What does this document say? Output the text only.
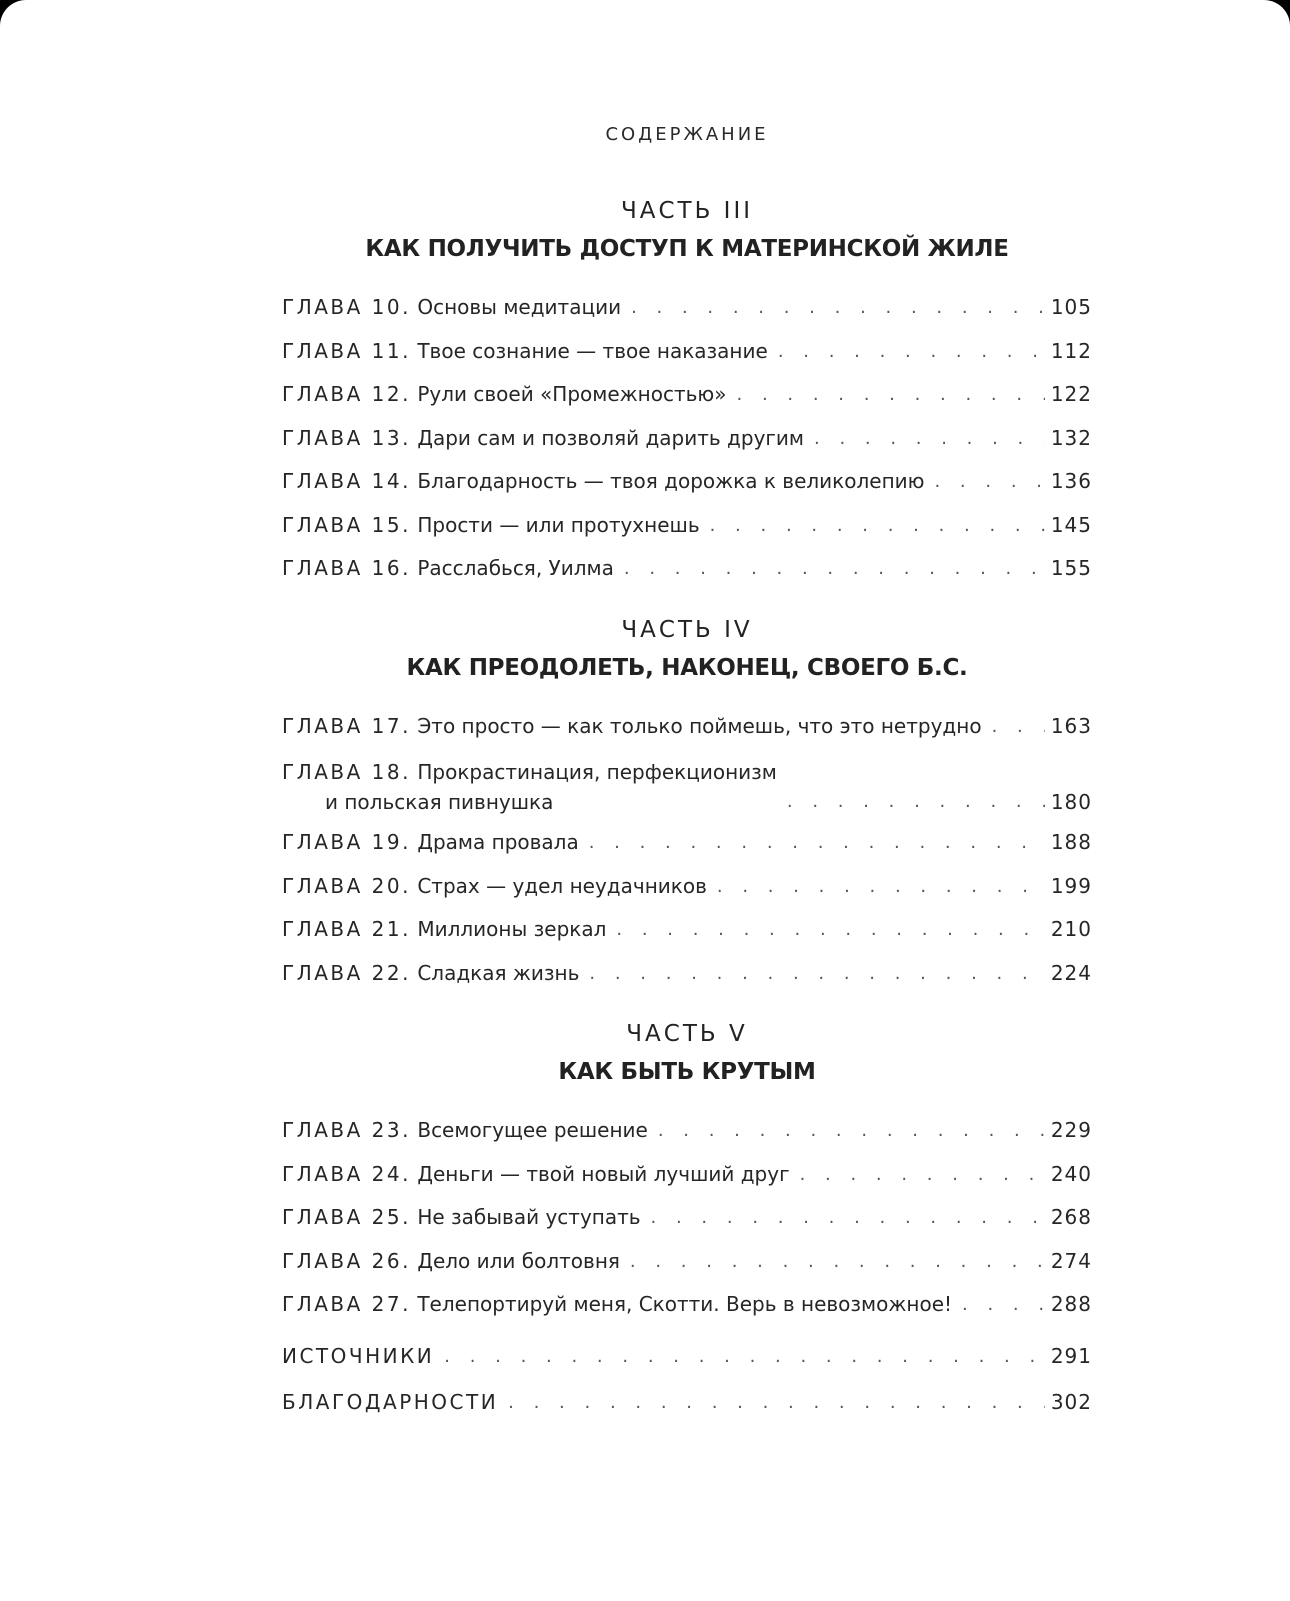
СОДЕРЖАНИЕ
ЧАСТЬ III
КАК ПОЛУЧИТЬ ДОСТУП К МАТЕРИНСКОЙ ЖИЛЕ
ГЛАВА 10. Основы медитации . . .	105
ГЛАВА 11. Твое сознание — твое наказание . . .	112
ГЛАВА 12. Рули своей «Промежностью» . . .	122
ГЛАВА 13. Дари сам и позволяй дарить другим . . .	132
ГЛАВА 14. Благодарность — твоя дорожка к великолепию . . .	136
ГЛАВА 15. Прости — или протухнешь . . .	145
ГЛАВА 16. Расслабься, Уилма . . .	155
ЧАСТЬ IV
КАК ПРЕОДОЛЕТЬ, НАКОНЕЦ, СВОЕГО Б.С.
ГЛАВА 17. Это просто — как только поймешь, что это нетрудно . . .	163
ГЛАВА 18. Прокрастинация, перфекционизм
и польская пивнушка . . .	180
ГЛАВА 19. Драма провала . . .	188
ГЛАВА 20. Страх — удел неудачников . . .	199
ГЛАВА 21. Миллионы зеркал . . .	210
ГЛАВА 22. Сладкая жизнь . . .	224
ЧАСТЬ V
КАК БЫТЬ КРУТЫМ
ГЛАВА 23. Всемогущее решение . . .	229
ГЛАВА 24. Деньги — твой новый лучший друг . . .	240
ГЛАВА 25. Не забывай уступать . . .	268
ГЛАВА 26. Дело или болтовня . . .	274
ГЛАВА 27. Телепортируй меня, Скотти. Верь в невозможное! . . .	288
ИСТОЧНИКИ . . .	291
БЛАГОДАРНОСТИ . . .	302
